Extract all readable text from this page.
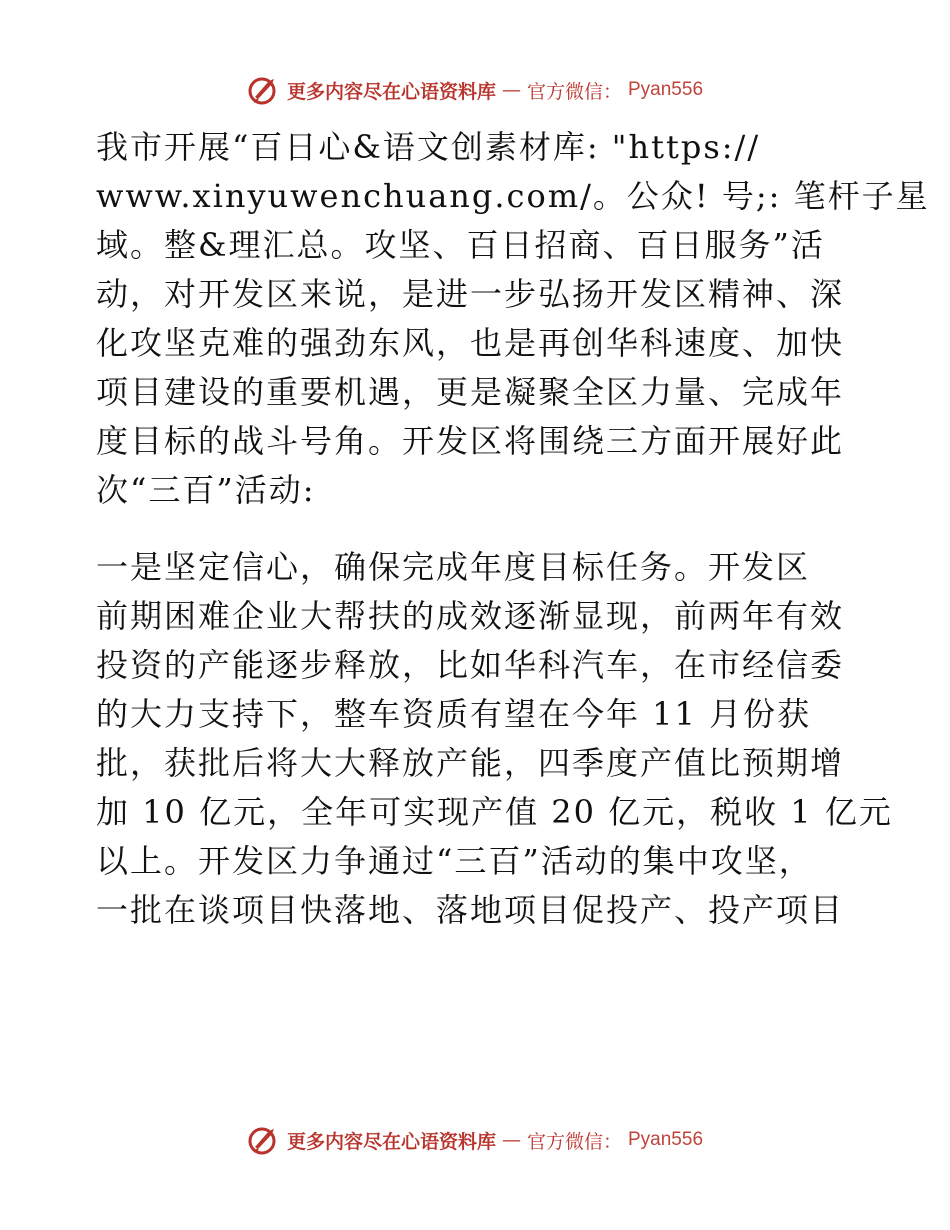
更多内容尽在心语资料库 — 官方微信： Pyan556
我市开展“百日心&语文创素材库: "https://
www.xinyuwenchuang.com/。公众! 号;: 笔杆子星
域。整&理汇总。攻坚、百日招商、百日服务”活
动，对开发区来说，是进一步弘扬开发区精神、深
化攻坚克难的强劲东风，也是再创华科速度、加快
项目建设的重要机遇，更是凝聚全区力量、完成年
度目标的战斗号角。开发区将围绕三方面开展好此
次“三百”活动:
一是坚定信心，确保完成年度目标任务。开发区
前期困难企业大帮扶的成效逐渐显现，前两年有效
投资的产能逐步释放，比如华科汽车，在市经信委
的大力支持下，整车资质有望在今年 11 月份获
批，获批后将大大释放产能，四季度产值比预期增
加 10 亿元，全年可实现产值 20 亿元，税收 1 亿元
以上。开发区力争通过“三百”活动的集中攻坚，
一批在谈项目快落地、落地项目促投产、投产项目
更多内容尽在心语资料库 — 官方微信： Pyan556
